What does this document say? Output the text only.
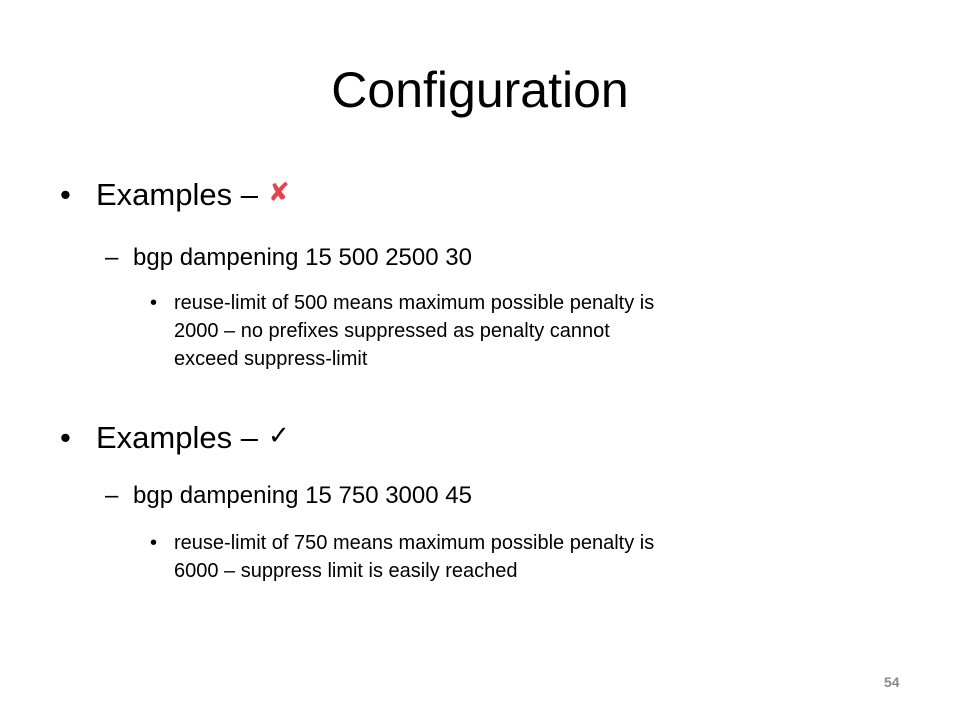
Configuration
• Examples – ✘
– bgp dampening 15 500 2500 30
• reuse-limit of 500 means maximum possible penalty is
2000 – no prefixes suppressed as penalty cannot
exceed suppress-limit
• Examples – ✓
– bgp dampening 15 750 3000 45
• reuse-limit of 750 means maximum possible penalty is
6000 – suppress limit is easily reached
54
